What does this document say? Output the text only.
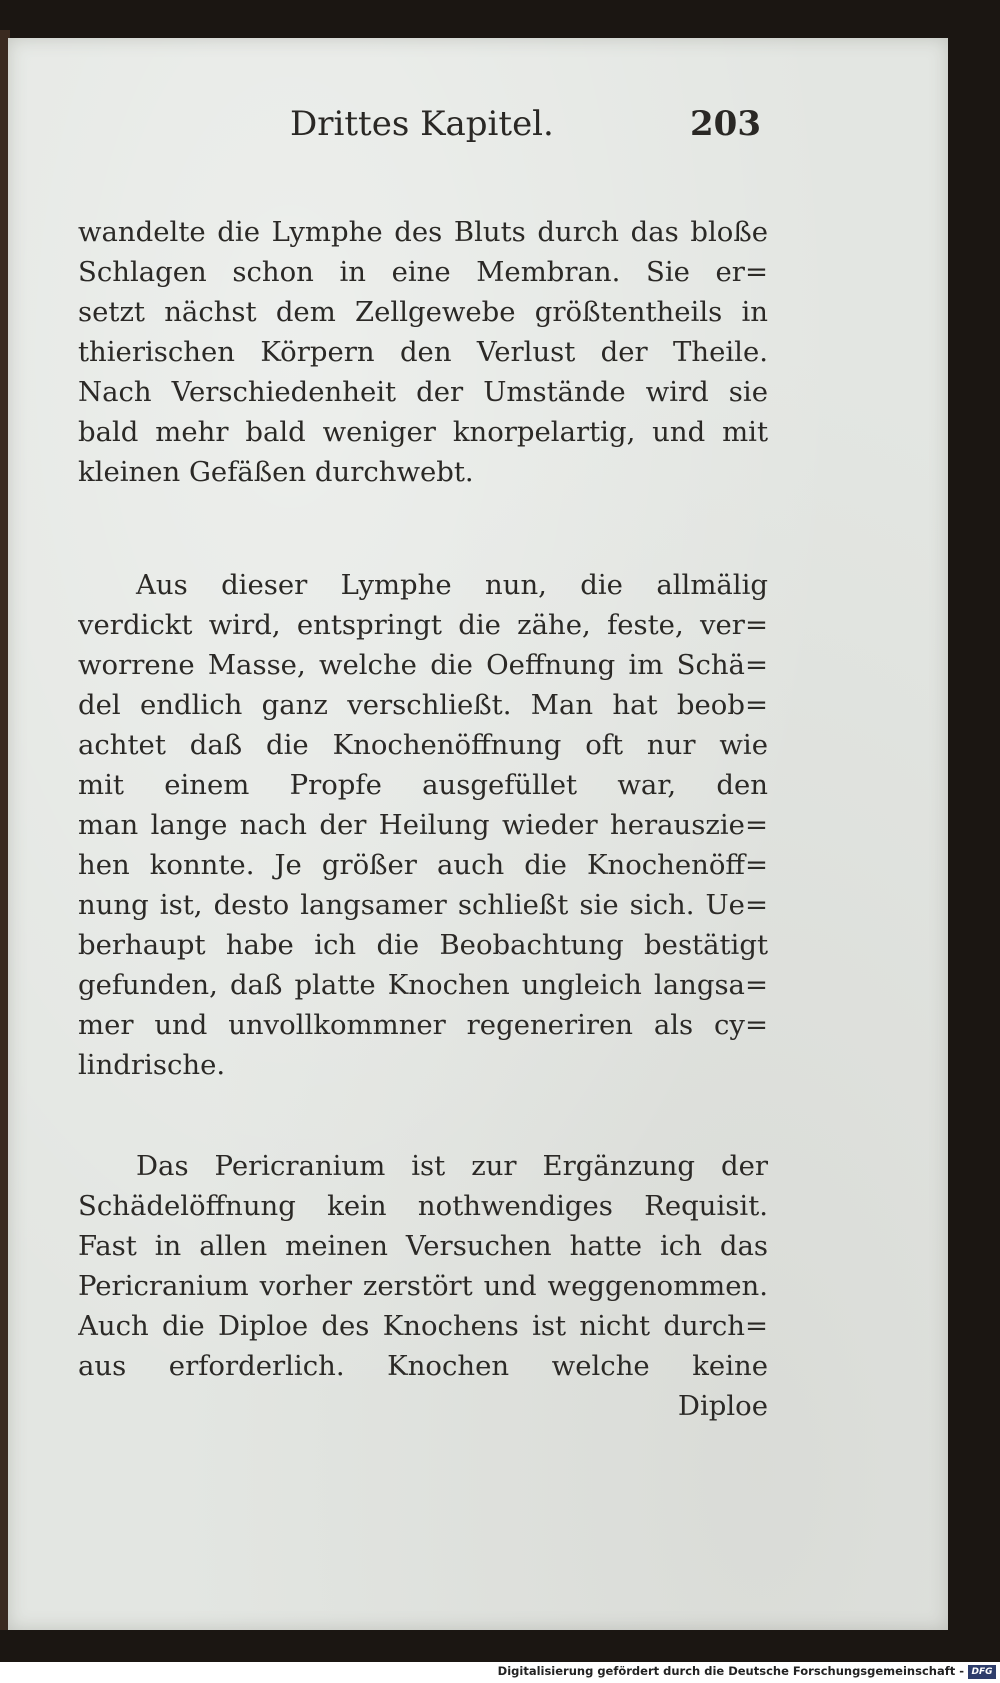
Drittes Kapitel.	203
wandelte die Lymphe des Bluts durch das bloße
Schlagen schon in eine Membran. Sie er=
setzt nächst dem Zellgewebe größtentheils in
thierischen Körpern den Verlust der Theile.
Nach Verschiedenheit der Umstände wird sie
bald mehr bald weniger knorpelartig, und mit
kleinen Gefäßen durchwebt.
Aus dieser Lymphe nun, die allmälig
verdickt wird, entspringt die zähe, feste, ver=
worrene Masse, welche die Oeffnung im Schä=
del endlich ganz verschließt. Man hat beob=
achtet daß die Knochenöffnung oft nur wie
mit einem Propfe ausgefüllet war, den
man lange nach der Heilung wieder herauszie=
hen konnte. Je größer auch die Knochenöff=
nung ist, desto langsamer schließt sie sich. Ue=
berhaupt habe ich die Beobachtung bestätigt
gefunden, daß platte Knochen ungleich langsa=
mer und unvollkommner regeneriren als cy=
lindrische.
Das Pericranium ist zur Ergänzung der
Schädelöffnung kein nothwendiges Requisit.
Fast in allen meinen Versuchen hatte ich das
Pericranium vorher zerstört und weggenommen.
Auch die Diploe des Knochens ist nicht durch=
aus erforderlich. Knochen welche keine
Diploe
Digitalisierung gefördert durch die Deutsche Forschungsgemeinschaft - DFG
